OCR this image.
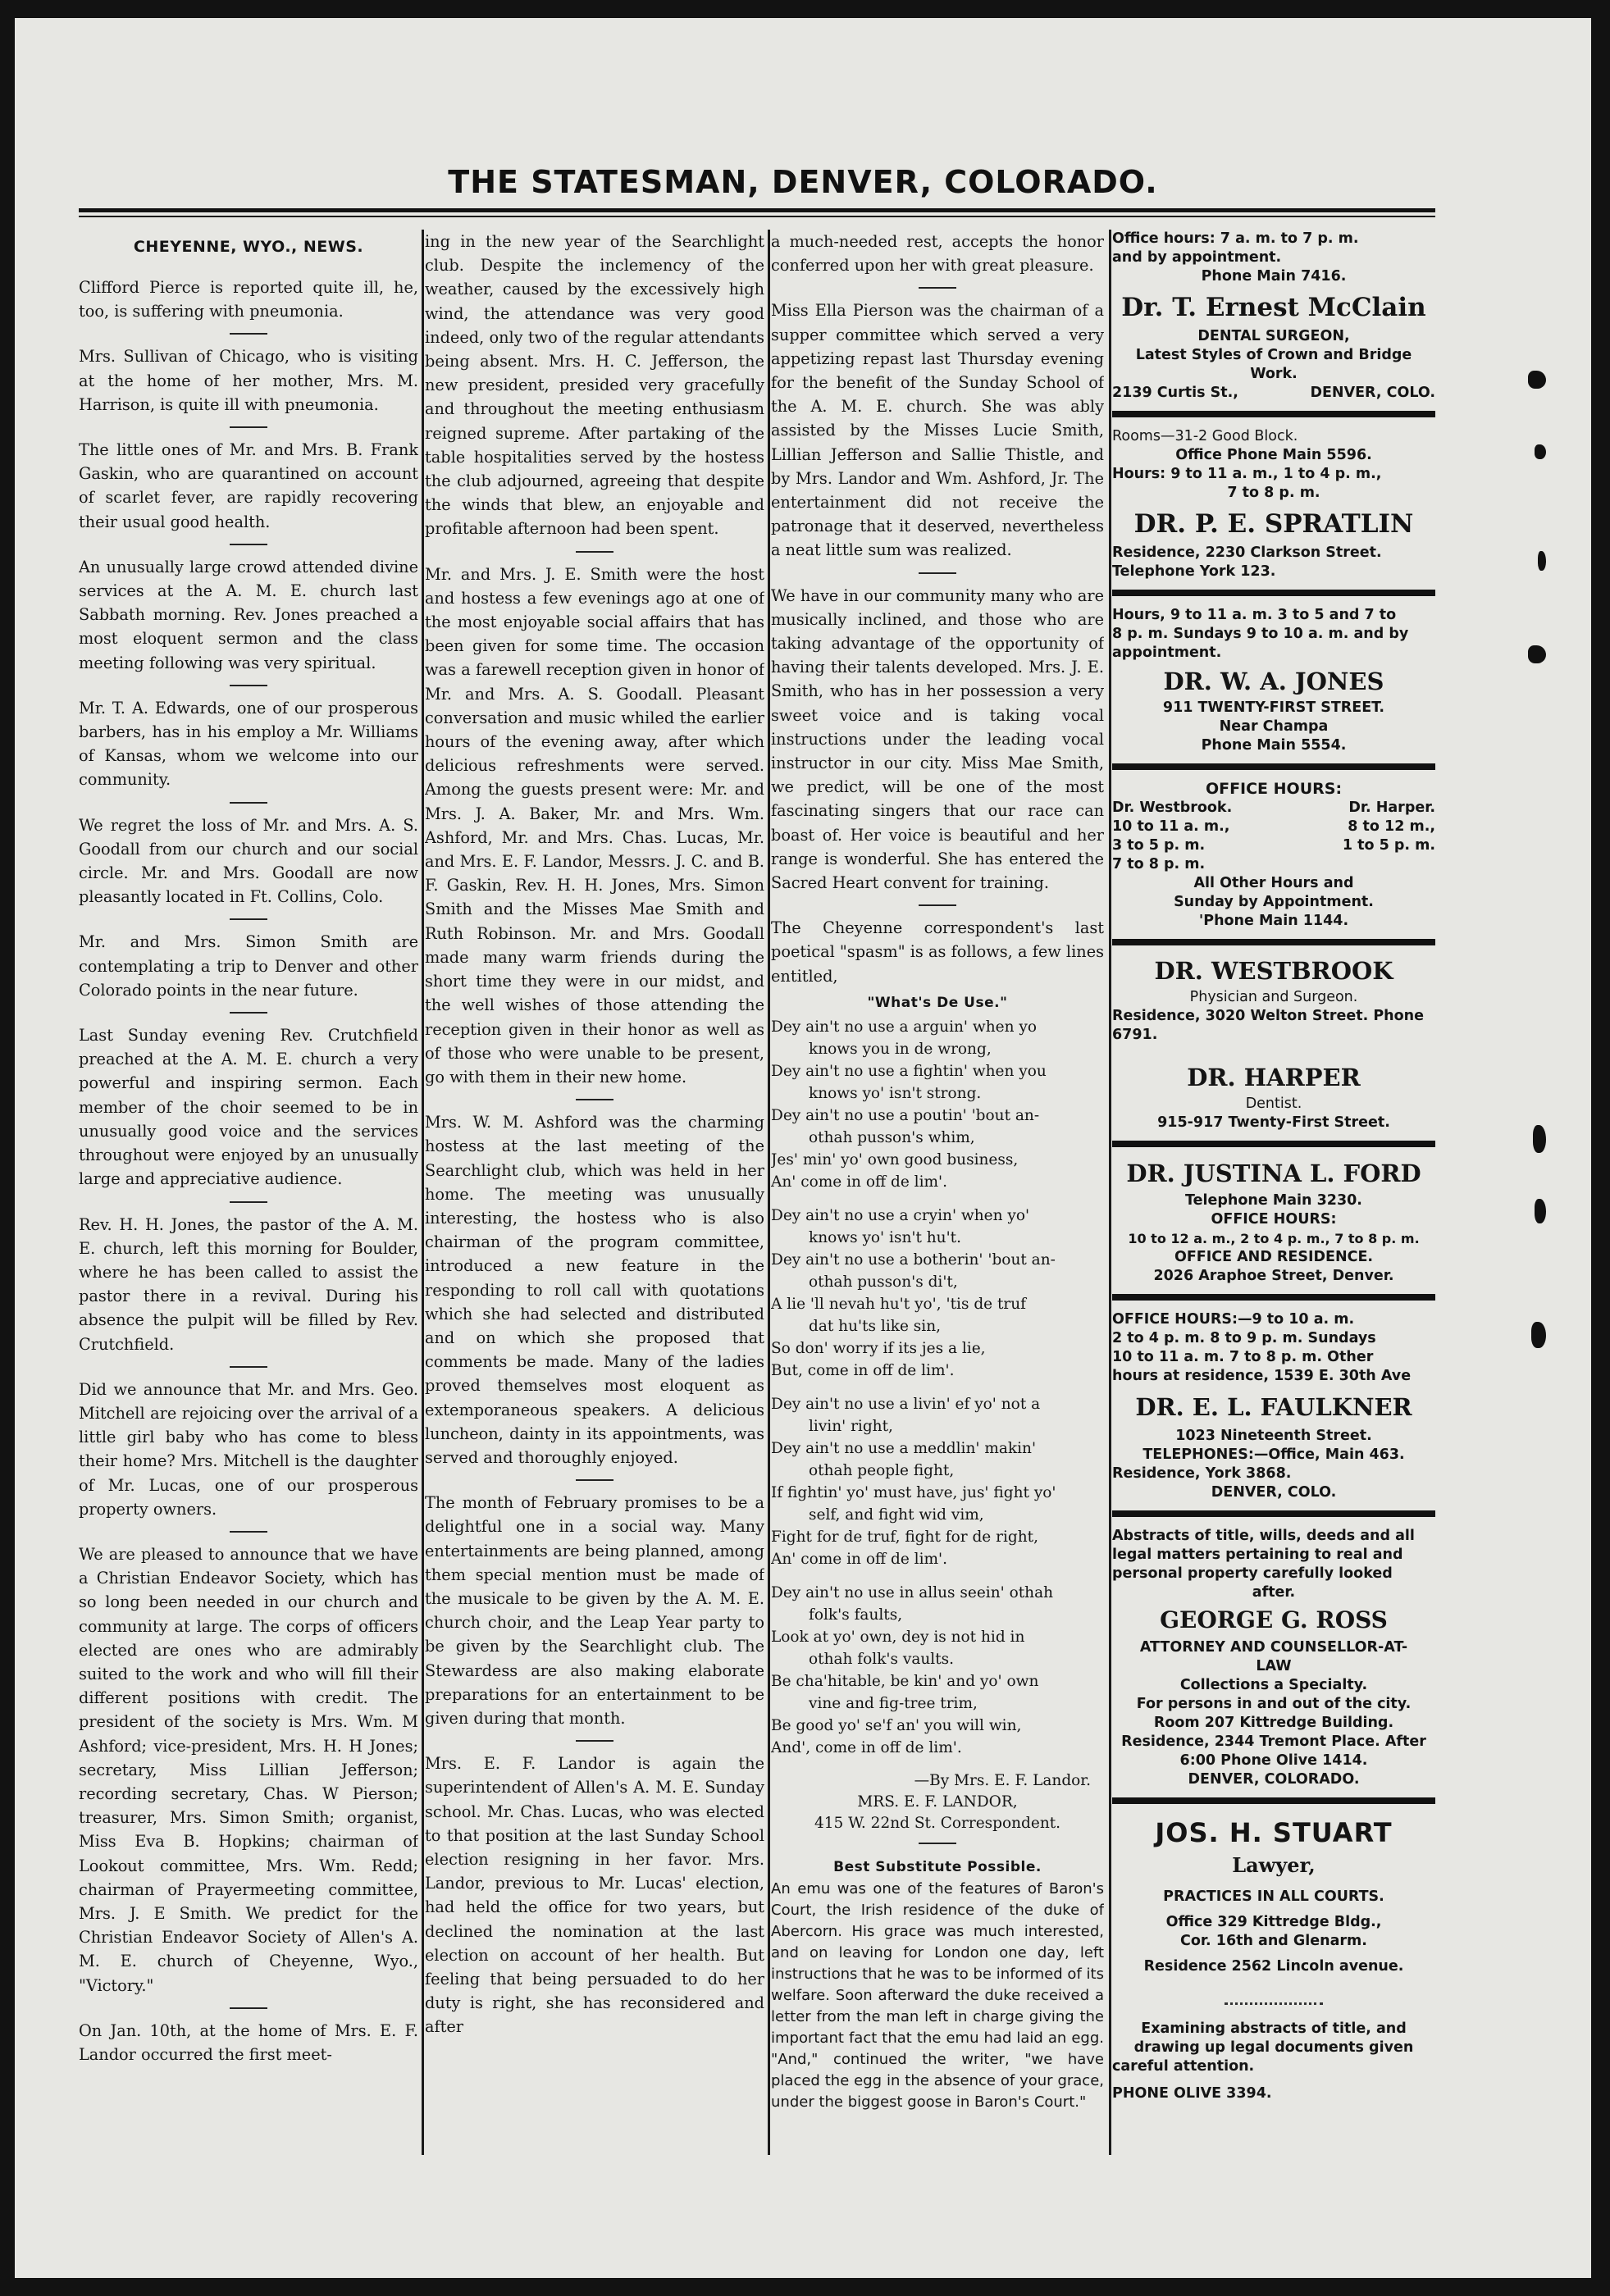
THE STATESMAN, DENVER, COLORADO.
CHEYENNE, WYO., NEWS.

Clifford Pierce is reported quite ill, he, too, is suffering with pneumonia.

Mrs. Sullivan of Chicago, who is visiting at the home of her mother, Mrs. M. Harrison, is quite ill with pneumonia.

The little ones of Mr. and Mrs. B. Frank Gaskin, who are quarantined on account of scarlet fever, are rapidly recovering their usual good health.

An unusually large crowd attended divine services at the A. M. E. church last Sabbath morning. Rev. Jones preached a most eloquent sermon and the class meeting following was very spiritual.

Mr. T. A. Edwards, one of our prosperous barbers, has in his employ a Mr. Williams of Kansas, whom we welcome into our community.

We regret the loss of Mr. and Mrs. A. S. Goodall from our church and our social circle. Mr. and Mrs. Goodall are now pleasantly located in Ft. Collins, Colo.

Mr. and Mrs. Simon Smith are contemplating a trip to Denver and other Colorado points in the near future.

Last Sunday evening Rev. Crutchfield preached at the A. M. E. church a very powerful and inspiring sermon. Each member of the choir seemed to be in unusually good voice and the services throughout were enjoyed by an unusually large and appreciative audience.

Rev. H. H. Jones, the pastor of the A. M. E. church, left this morning for Boulder, where he has been called to assist the pastor there in a revival. During his absence the pulpit will be filled by Rev. Crutchfield.

Did we announce that Mr. and Mrs. Geo. Mitchell are rejoicing over the arrival of a little girl baby who has come to bless their home? Mrs. Mitchell is the daughter of Mr. Lucas, one of our prosperous property owners.

We are pleased to announce that we have a Christian Endeavor Society, which has so long been needed in our church and community at large. The corps of officers elected are ones who are admirably suited to the work and who will fill their different positions with credit. The president of the society is Mrs. Wm. M Ashford; vice-president, Mrs. H. H Jones; secretary, Miss Lillian Jefferson; recording secretary, Chas. W Pierson; treasurer, Mrs. Simon Smith; organist, Miss Eva B. Hopkins; chairman of Lookout committee, Mrs. Wm. Redd; chairman of Prayermeeting committee, Mrs. J. E Smith. We predict for the Christian Endeavor Society of Allen's A. M. E. church of Cheyenne, Wyo., "Victory."

On Jan. 10th, at the home of Mrs. E. F. Landor occurred the first meet-

ing in the new year of the Searchlight club. Despite the inclemency of the weather, caused by the excessively high wind, the attendance was very good indeed, only two of the regular attendants being absent. Mrs. H. C. Jefferson, the new president, presided very gracefully and throughout the meeting enthusiasm reigned supreme. After partaking of the table hospitalities served by the hostess the club adjourned, agreeing that despite the winds that blew, an enjoyable and profitable afternoon had been spent.

Mr. and Mrs. J. E. Smith were the host and hostess a few evenings ago at one of the most enjoyable social affairs that has been given for some time. The occasion was a farewell reception given in honor of Mr. and Mrs. A. S. Goodall. Pleasant conversation and music whiled the earlier hours of the evening away, after which delicious refreshments were served. Among the guests present were: Mr. and Mrs. J. A. Baker, Mr. and Mrs. Wm. Ashford, Mr. and Mrs. Chas. Lucas, Mr. and Mrs. E. F. Landor, Messrs. J. C. and B. F. Gaskin, Rev. H. H. Jones, Mrs. Simon Smith and the Misses Mae Smith and Ruth Robinson. Mr. and Mrs. Goodall made many warm friends during the short time they were in our midst, and the well wishes of those attending the reception given in their honor as well as of those who were unable to be present, go with them in their new home.

Mrs. W. M. Ashford was the charming hostess at the last meeting of the Searchlight club, which was held in her home. The meeting was unusually interesting, the hostess who is also chairman of the program committee, introduced a new feature in the responding to roll call with quotations which she had selected and distributed and on which she proposed that comments be made. Many of the ladies proved themselves most eloquent as extemporaneous speakers. A delicious luncheon, dainty in its appointments, was served and thoroughly enjoyed.

The month of February promises to be a delightful one in a social way. Many entertainments are being planned, among them special mention must be made of the musicale to be given by the A. M. E. church choir, and the Leap Year party to be given by the Searchlight club. The Stewardess are also making elaborate preparations for an entertainment to be given during that month.

Mrs. E. F. Landor is again the superintendent of Allen's A. M. E. Sunday school. Mr. Chas. Lucas, who was elected to that position at the last Sunday School election resigning in her favor. Mrs. Landor, previous to Mr. Lucas' election, had held the office for two years, but declined the nomination at the last election on account of her health. But feeling that being persuaded to do her duty is right, she has reconsidered and after

a much-needed rest, accepts the honor conferred upon her with great pleasure.

Miss Ella Pierson was the chairman of a supper committee which served a very appetizing repast last Thursday evening for the benefit of the Sunday School of the A. M. E. church. She was ably assisted by the Misses Lucie Smith, Lillian Jefferson and Sallie Thistle, and by Mrs. Landor and Wm. Ashford, Jr. The entertainment did not receive the patronage that it deserved, nevertheless a neat little sum was realized.

We have in our community many who are musically inclined, and those who are taking advantage of the opportunity of having their talents developed. Mrs. J. E. Smith, who has in her possession a very sweet voice and is taking vocal instructions under the leading vocal instructor in our city. Miss Mae Smith, we predict, will be one of the most fascinating singers that our race can boast of. Her voice is beautiful and her range is wonderful. She has entered the Sacred Heart convent for training.

The Cheyenne correspondent's last poetical "spasm" is as follows, a few lines entitled,

"What's De Use."
Dey ain't no use a arguin' when yo
knows you in de wrong,
Dey ain't no use a fightin' when you
knows yo' isn't strong.
Dey ain't no use a poutin' 'bout an-
othah pusson's whim,
Jes' min' yo' own good business,
An' come in off de lim'.
Dey ain't no use a cryin' when yo'
knows yo' isn't hu't.
Dey ain't no use a botherin' 'bout an-
othah pusson's di't,
A lie 'll nevah hu't yo', 'tis de truf
dat hu'ts like sin,
So don' worry if its jes a lie,
But, come in off de lim'.
Dey ain't no use a livin' ef yo' not a
livin' right,
Dey ain't no use a meddlin' makin'
othah people fight,
If fightin' yo' must have, jus' fight yo'
self, and fight wid vim,
Fight for de truf, fight for de right,
An' come in off de lim'.
Dey ain't no use in allus seein' othah
folk's faults,
Look at yo' own, dey is not hid in
othah folk's vaults.
Be cha'hitable, be kin' and yo' own
vine and fig-tree trim,
Be good yo' se'f an' you will win,
And', come in off de lim'.
—By Mrs. E. F. Landor.
MRS. E. F. LANDOR,
415 W. 22nd St. Correspondent.
Best Substitute Possible.

An emu was one of the features of Baron's Court, the Irish residence of the duke of Abercorn. His grace was much interested, and on leaving for London one day, left instructions that he was to be informed of its welfare. Soon afterward the duke received a letter from the man left in charge giving the important fact that the emu had laid an egg. "And," continued the writer, "we have placed the egg in the absence of your grace, under the biggest goose in Baron's Court."

Office hours: 7 a. m. to 7 p. m.
and by appointment.
Phone Main 7416.
Dr. T. Ernest McClain
DENTAL SURGEON,
Latest Styles of Crown and Bridge
Work.
2139 Curtis St.,	DENVER, COLO.
Rooms—31-2 Good Block.
Office Phone Main 5596.
Hours: 9 to 11 a. m., 1 to 4 p. m.,
7 to 8 p. m.
DR. P. E. SPRATLIN
Residence, 2230 Clarkson Street.
Telephone York 123.
Hours, 9 to 11 a. m. 3 to 5 and 7 to
8 p. m. Sundays 9 to 10 a. m. and by
appointment.
DR. W. A. JONES
911 TWENTY-FIRST STREET.
Near Champa
Phone Main 5554.
OFFICE HOURS:
Dr. Westbrook.
10 to 11 a. m.,
3 to 5 p. m.
7 to 8 p. m.
Dr. Harper.
8 to 12 m.,
1 to 5 p. m.
All Other Hours and
Sunday by Appointment.
'Phone Main 1144.
DR. WESTBROOK
Physician and Surgeon.
Residence, 3020 Welton Street. Phone
6791.
DR. HARPER
Dentist.
915-917 Twenty-First Street.
DR. JUSTINA L. FORD
Telephone Main 3230.
OFFICE HOURS:
10 to 12 a. m., 2 to 4 p. m., 7 to 8 p. m.
OFFICE AND RESIDENCE.
2026 Araphoe Street, Denver.
OFFICE HOURS:—9 to 10 a. m.
2 to 4 p. m. 8 to 9 p. m. Sundays
10 to 11 a. m. 7 to 8 p. m. Other
hours at residence, 1539 E. 30th Ave
DR. E. L. FAULKNER
1023 Nineteenth Street.
TELEPHONES:—Office, Main 463.
Residence, York 3868.
DENVER, COLO.
Abstracts of title, wills, deeds and all
legal matters pertaining to real and
personal property carefully looked
after.
GEORGE G. ROSS
ATTORNEY AND COUNSELLOR-AT-
LAW
Collections a Specialty.
For persons in and out of the city.
Room 207 Kittredge Building.
Residence, 2344 Tremont Place. After
6:00 Phone Olive 1414.
DENVER, COLORADO.
JOS. H. STUART
Lawyer,
PRACTICES IN ALL COURTS.
Office 329 Kittredge Bldg.,
Cor. 16th and Glenarm.
Residence 2562 Lincoln avenue.
Examining abstracts of title, and
drawing up legal documents given
careful attention.
PHONE OLIVE 3394.
